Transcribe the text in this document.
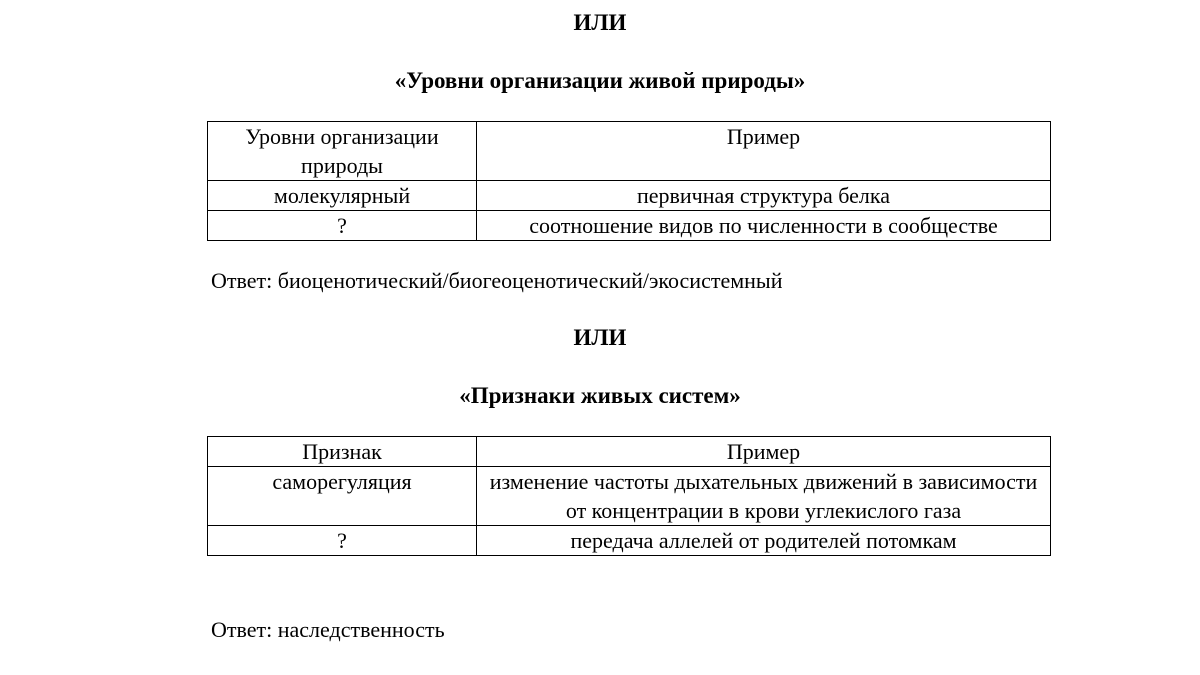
ИЛИ

«Уровни организации живой природы»

Уровни организации природы	Пример
молекулярный	первичная структура белка
?	соотношение видов по численности в сообществе

Ответ: биоценотический/биогеоценотический/экосистемный

ИЛИ

«Признаки живых систем»

Признак	Пример
саморегуляция	изменение частоты дыхательных движений в зависимости от концентрации в крови углекислого газа
?	передача аллелей от родителей потомкам

Ответ: наследственность
